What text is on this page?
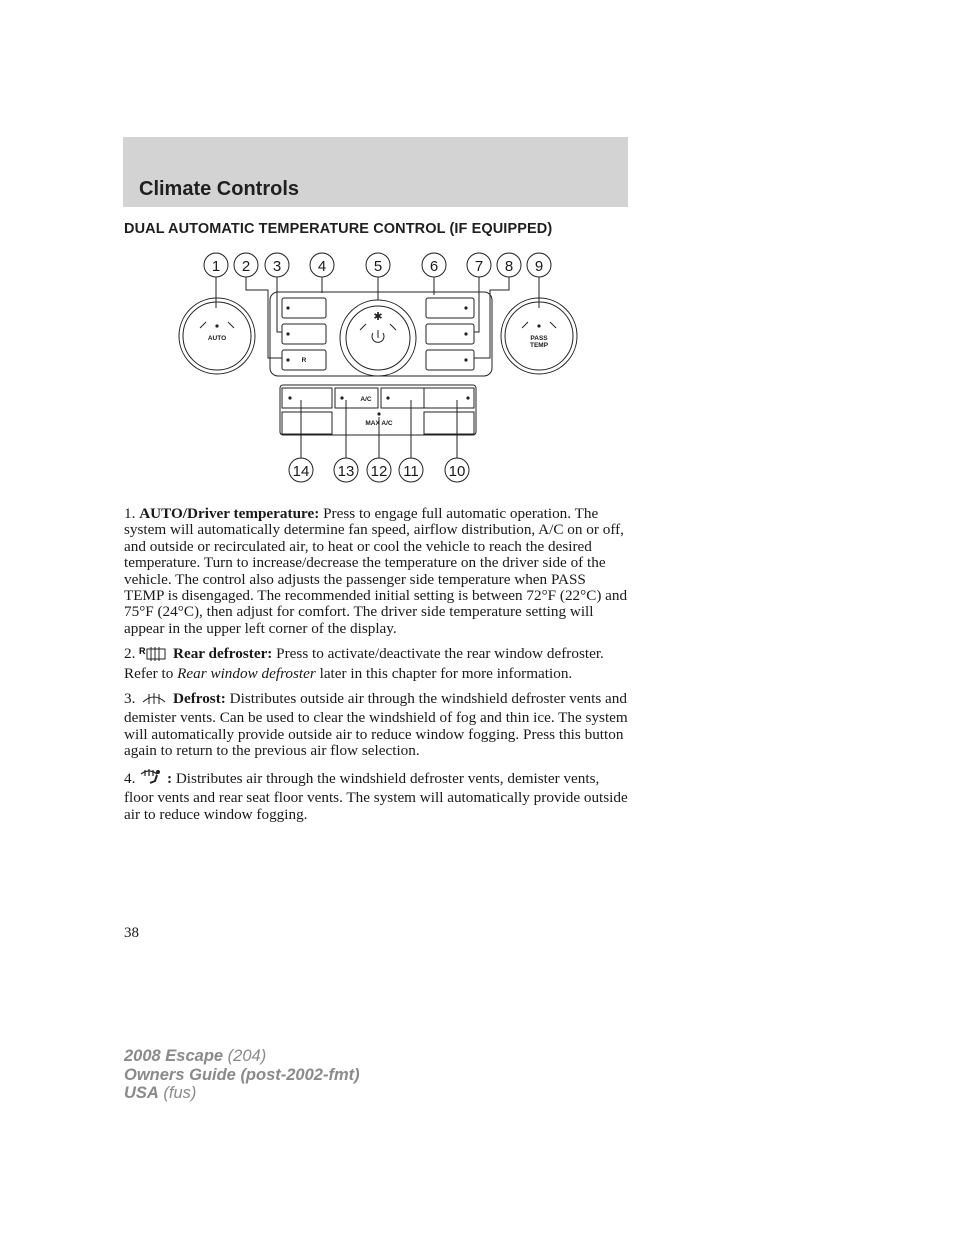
Climate Controls
DUAL AUTOMATIC TEMPERATURE CONTROL (IF EQUIPPED)
✱
1 2 3 4	5	6 7 8 9
14 13 12 11 10
AUTO	PASS
TEMP
A/C
MAX A/C
R

1. AUTO/Driver temperature: Press to engage full automatic operation. The system will automatically determine fan speed, airflow distribution, A/C on or off, and outside or recirculated air, to heat or cool the vehicle to reach the desired temperature. Turn to increase/decrease the temperature on the driver side of the vehicle. The control also adjusts the passenger side temperature when PASS TEMP is disengaged. The recommended initial setting is between 72°F (22°C) and 75°F (24°C), then adjust for comfort. The driver side temperature setting will appear in the upper left corner of the display.

2. R Rear defroster: Press to activate/deactivate the rear window defroster. Refer to Rear window defroster later in this chapter for more information.

3. Defrost: Distributes outside air through the windshield defroster vents and demister vents. Can be used to clear the windshield of fog and thin ice. The system will automatically provide outside air to reduce window fogging. Press this button again to return to the previous air flow selection.

4. : Distributes air through the windshield defroster vents, demister vents, floor vents and rear seat floor vents. The system will automatically provide outside air to reduce window fogging.

38
2008 Escape (204)
Owners Guide (post-2002-fmt)
USA (fus)
